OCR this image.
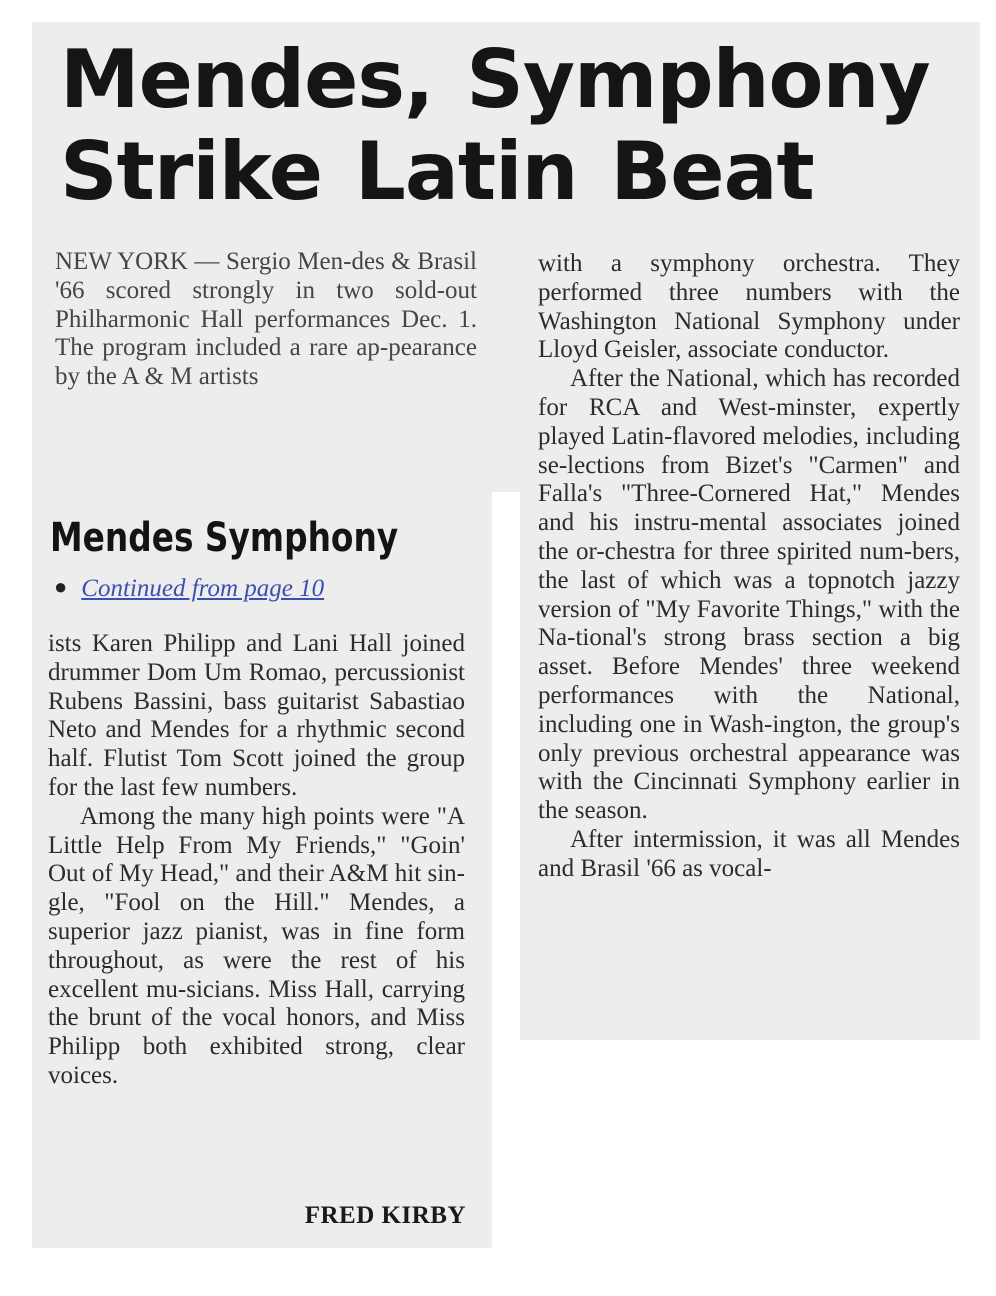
Mendes, Symphony
Strike Latin Beat

NEW YORK — Sergio Men-des & Brasil '66 scored strongly in two sold-out Philharmonic Hall performances Dec. 1. The program included a rare ap-pearance by the A & M artists

with a symphony orchestra. They performed three numbers with the Washington National Symphony under Lloyd Geisler, associate conductor.

After the National, which has recorded for RCA and West-minster, expertly played Latin-flavored melodies, including se-lections from Bizet's "Carmen" and Falla's "Three-Cornered Hat," Mendes and his instru-mental associates joined the or-chestra for three spirited num-bers, the last of which was a topnotch jazzy version of "My Favorite Things," with the Na-tional's strong brass section a big asset. Before Mendes' three weekend performances with the National, including one in Wash-ington, the group's only previous orchestral appearance was with the Cincinnati Symphony earlier in the season.

After intermission, it was all Mendes and Brasil '66 as vocal-

Mendes Symphony
● Continued from page 10

ists Karen Philipp and Lani Hall joined drummer Dom Um Romao, percussionist Rubens Bassini, bass guitarist Sabastiao Neto and Mendes for a rhythmic second half. Flutist Tom Scott joined the group for the last few numbers.

Among the many high points were "A Little Help From My Friends," "Goin' Out of My Head," and their A&M hit sin-gle, "Fool on the Hill." Mendes, a superior jazz pianist, was in fine form throughout, as were the rest of his excellent mu-sicians. Miss Hall, carrying the brunt of the vocal honors, and Miss Philipp both exhibited strong, clear voices.

FRED KIRBY
